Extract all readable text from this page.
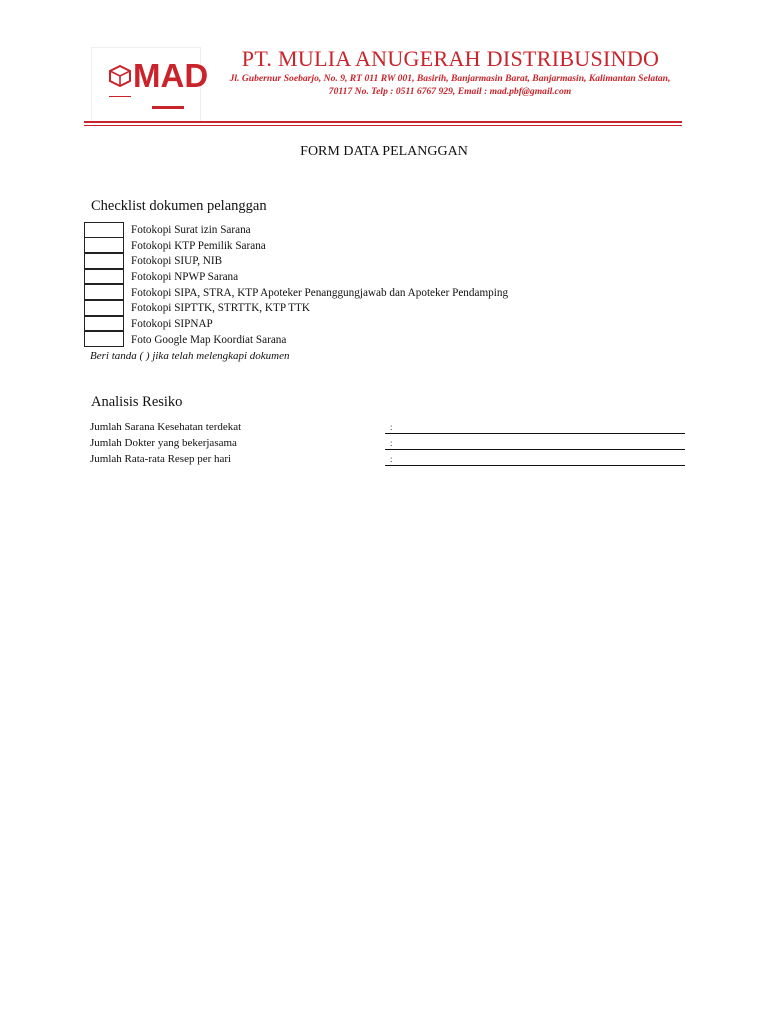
MAD	PT. MULIA ANUGERAH DISTRIBUSINDO
Jl. Gubernur Soebarjo, No. 9, RT 011 RW 001, Basirih, Banjarmasin Barat, Banjarmasin, Kalimantan Selatan, 70117 No. Telp : 0511 6767 929, Email : mad.pbf@gmail.com
FORM DATA PELANGGAN
Checklist dokumen pelanggan
Fotokopi Surat izin Sarana
Fotokopi KTP Pemilik Sarana
Fotokopi SIUP, NIB
Fotokopi NPWP Sarana
Fotokopi SIPA, STRA, KTP Apoteker Penanggungjawab dan Apoteker Pendamping
Fotokopi SIPTTK, STRTTK, KTP TTK
Fotokopi SIPNAP
Foto Google Map Koordiat Sarana
Beri tanda ( ) jika telah melengkapi dokumen
Analisis Resiko
Jumlah Sarana Kesehatan terdekat	:
Jumlah Dokter yang bekerjasama	:
Jumlah Rata-rata Resep per hari	:
